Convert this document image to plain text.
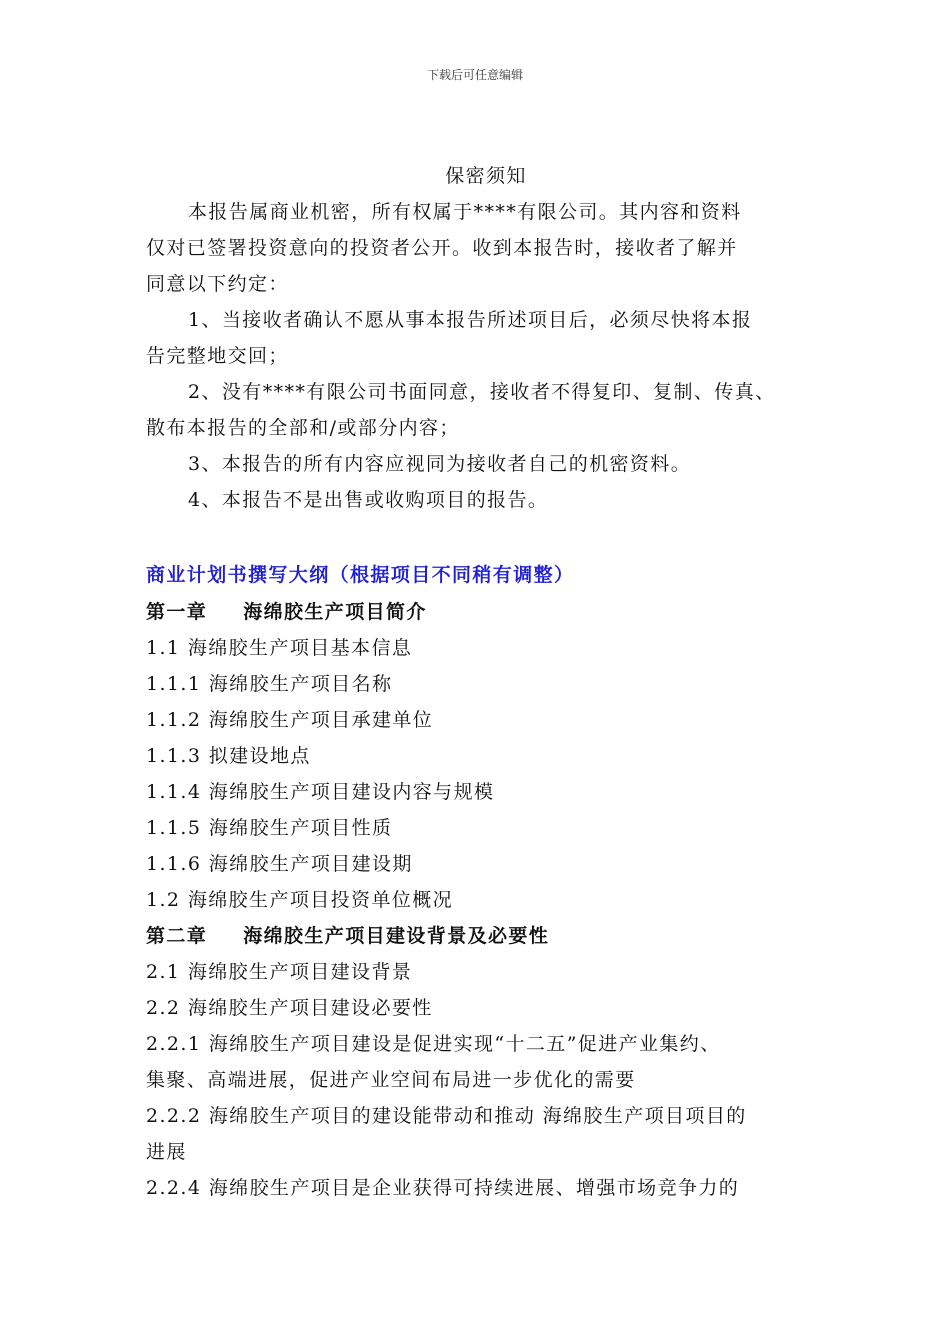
下载后可任意编辑
保密须知
本报告属商业机密，所有权属于****有限公司。其内容和资料
仅对已签署投资意向的投资者公开。收到本报告时，接收者了解并
同意以下约定：
1、当接收者确认不愿从事本报告所述项目后，必须尽快将本报
告完整地交回；
2、没有****有限公司书面同意，接收者不得复印、复制、传真、
散布本报告的全部和/或部分内容；
3、本报告的所有内容应视同为接收者自己的机密资料。
4、本报告不是出售或收购项目的报告。
商业计划书撰写大纲（根据项目不同稍有调整）
第一章 海绵胶生产项目简介
1.1 海绵胶生产项目基本信息
1.1.1 海绵胶生产项目名称
1.1.2 海绵胶生产项目承建单位
1.1.3 拟建设地点
1.1.4 海绵胶生产项目建设内容与规模
1.1.5 海绵胶生产项目性质
1.1.6 海绵胶生产项目建设期
1.2 海绵胶生产项目投资单位概况
第二章 海绵胶生产项目建设背景及必要性
2.1 海绵胶生产项目建设背景
2.2 海绵胶生产项目建设必要性
2.2.1 海绵胶生产项目建设是促进实现“十二五”促进产业集约、
集聚、高端进展，促进产业空间布局进一步优化的需要
2.2.2 海绵胶生产项目的建设能带动和推动 海绵胶生产项目项目的
进展
2.2.4 海绵胶生产项目是企业获得可持续进展、增强市场竞争力的
